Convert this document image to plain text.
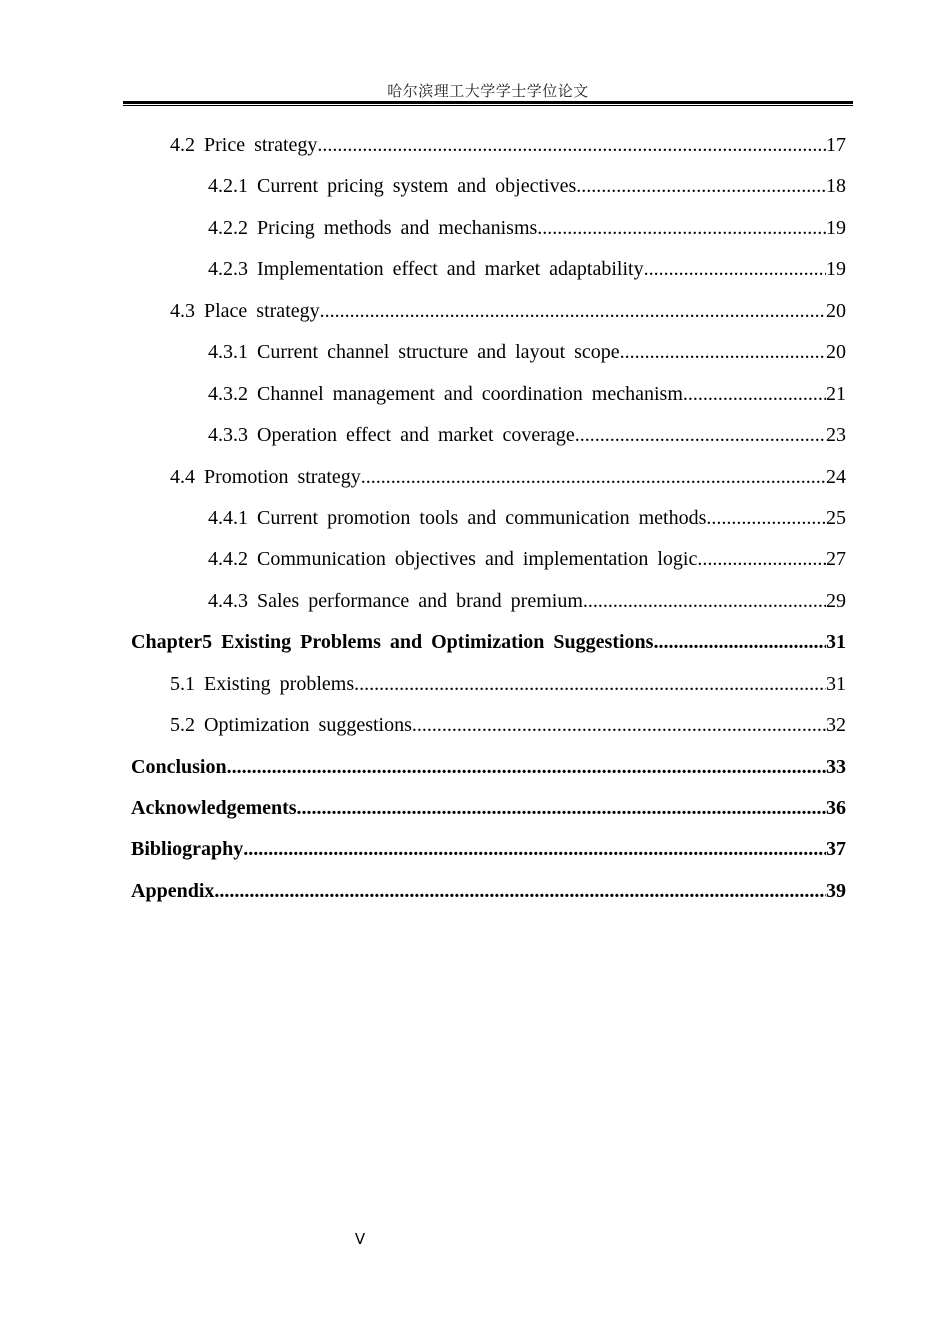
哈尔滨理工大学学士学位论文
4.2 Price strategy .....	17
4.2.1 Current pricing system and objectives .....	18
4.2.2 Pricing methods and mechanisms .....	19
4.2.3 Implementation effect and market adaptability .....	19
4.3 Place strategy .....	20
4.3.1 Current channel structure and layout scope .....	20
4.3.2 Channel management and coordination mechanism .....	21
4.3.3 Operation effect and market coverage .....	23
4.4 Promotion strategy .....	24
4.4.1 Current promotion tools and communication methods .....	25
4.4.2 Communication objectives and implementation logic .....	27
4.4.3 Sales performance and brand premium .....	29
Chapter5 Existing Problems and Optimization Suggestions .....	31
5.1 Existing problems .....	31
5.2 Optimization suggestions .....	32
Conclusion .....	33
Acknowledgements .....	36
Bibliography .....	37
Appendix .....	39
V
